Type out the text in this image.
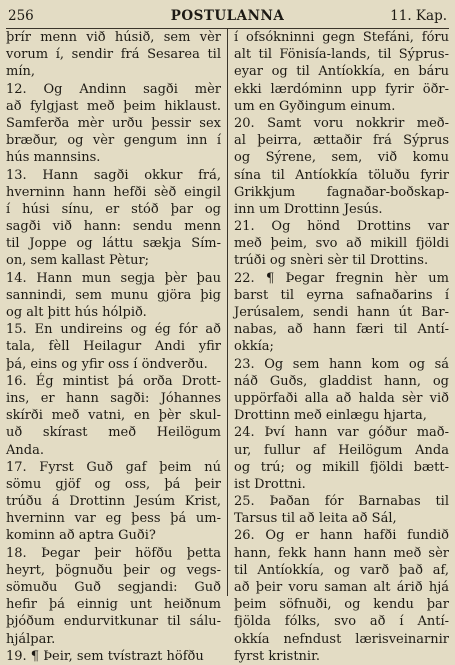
256	POSTULANNA	11. Kap.
þrír menn við húsið, sem vèr
vorum í, sendir frá Sesarea til
mín,
12. Og Andinn sagði mèr
að fylgjast með þeim hiklaust.
Samferða mèr urðu þessir sex
bræður, og vèr gengum inn í
hús mannsins.
13. Hann sagði okkur frá,
hverninn hann hefði sèð eingil
í húsi sínu, er stóð þar og
sagði við hann: sendu menn
til Joppe og láttu sækja Sím-
on, sem kallast Pètur;
14. Hann mun segja þèr þau
sannindi, sem munu gjöra þig
og alt þitt hús hólpið.
15. En undireins og ég fór að
tala, fèll Heilagur Andi yfir
þá, eins og yfir oss í öndverðu.
16. Ég mintist þá orða Drott-
ins, er hann sagði: Jóhannes
skírði með vatni, en þèr skul-
uð skírast með Heilögum
Anda.
17. Fyrst Guð gaf þeim nú
sömu gjöf og oss, þá þeir
trúðu á Drottinn Jesúm Krist,
hverninn var eg þess þá um-
kominn að aptra Guði?
18. Þegar þeir höfðu þetta
heyrt, þögnuðu þeir og vegs-
sömuðu Guð segjandi: Guð
hefir þá einnig unt heiðnum
þjóðum endurvitkunar til sálu-
hjálpar.
19. ¶ Þeir, sem tvístrazt höfðu
í ofsókninni gegn Stefáni, fóru
alt til Fönisía-lands, til Sýprus-
eyar og til Antíokkía, en báru
ekki lærdóminn upp fyrir öðr-
um en Gyðingum einum.
20. Samt voru nokkrir með-
al þeirra, ættaðir frá Sýprus
og Sýrene, sem, við komu
sína til Antíokkía töluðu fyrir
Grikkjum fagnaðar-boðskap-
inn um Drottinn Jesús.
21. Og hönd Drottins var
með þeim, svo að mikill fjöldi
trúði og snèri sèr til Drottins.
22. ¶ Þegar fregnin hèr um
barst til eyrna safnaðarins í
Jerúsalem, sendi hann út Bar-
nabas, að hann færi til Antí-
okkía;
23. Og sem hann kom og sá
náð Guðs, gladdist hann, og
uppörfaði alla að halda sèr við
Drottinn með einlægu hjarta,
24. Því hann var góður mað-
ur, fullur af Heilögum Anda
og trú; og mikill fjöldi bætt-
ist Drottni.
25. Þaðan fór Barnabas til
Tarsus til að leita að Sál,
26. Og er hann hafði fundið
hann, fekk hann hann með sèr
til Antíokkía, og varð það af,
að þeir voru saman alt árið hjá
þeim söfnuði, og kendu þar
fjölda fólks, svo að í Antí-
okkía nefndust lærisveinarnir
fyrst kristnir.
